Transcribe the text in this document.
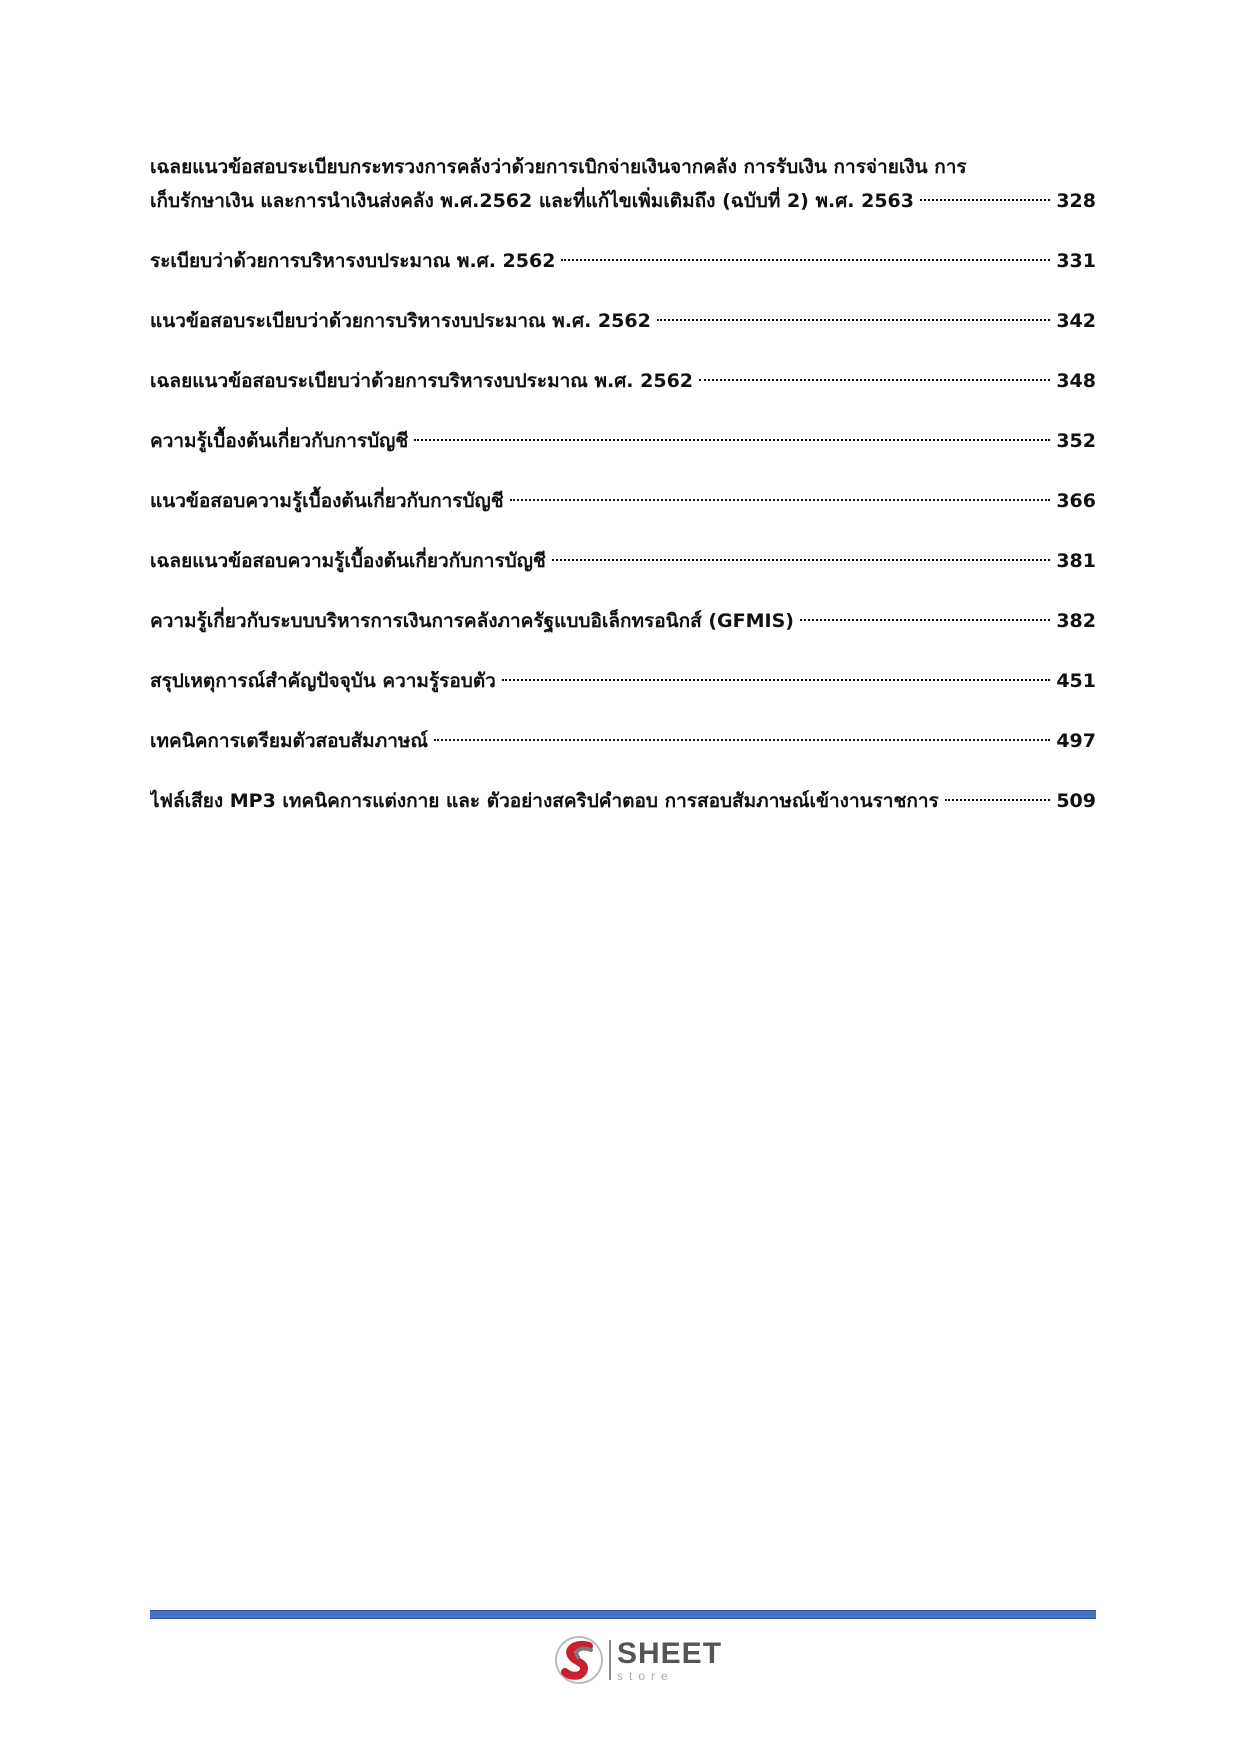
เฉลยแนวข้อสอบระเบียบกระทรวงการคลังว่าด้วยการเบิกจ่ายเงินจากคลัง การรับเงิน การจ่ายเงิน การ
เก็บรักษาเงิน และการนำเงินส่งคลัง พ.ศ.2562 และที่แก้ไขเพิ่มเติมถึง (ฉบับที่ 2) พ.ศ. 2563	328
ระเบียบว่าด้วยการบริหารงบประมาณ พ.ศ. 2562	331
แนวข้อสอบระเบียบว่าด้วยการบริหารงบประมาณ พ.ศ. 2562	342
เฉลยแนวข้อสอบระเบียบว่าด้วยการบริหารงบประมาณ พ.ศ. 2562	348
ความรู้เบื้องต้นเกี่ยวกับการบัญชี	352
แนวข้อสอบความรู้เบื้องต้นเกี่ยวกับการบัญชี	366
เฉลยแนวข้อสอบความรู้เบื้องต้นเกี่ยวกับการบัญชี	381
ความรู้เกี่ยวกับระบบบริหารการเงินการคลังภาครัฐแบบอิเล็กทรอนิกส์ (GFMIS)	382
สรุปเหตุการณ์สำคัญปัจจุบัน ความรู้รอบตัว	451
เทคนิคการเตรียมตัวสอบสัมภาษณ์	497
ไฟล์เสียง MP3 เทคนิคการแต่งกาย และ ตัวอย่างสคริปคำตอบ การสอบสัมภาษณ์เข้างานราชการ	509
SHEET
store
